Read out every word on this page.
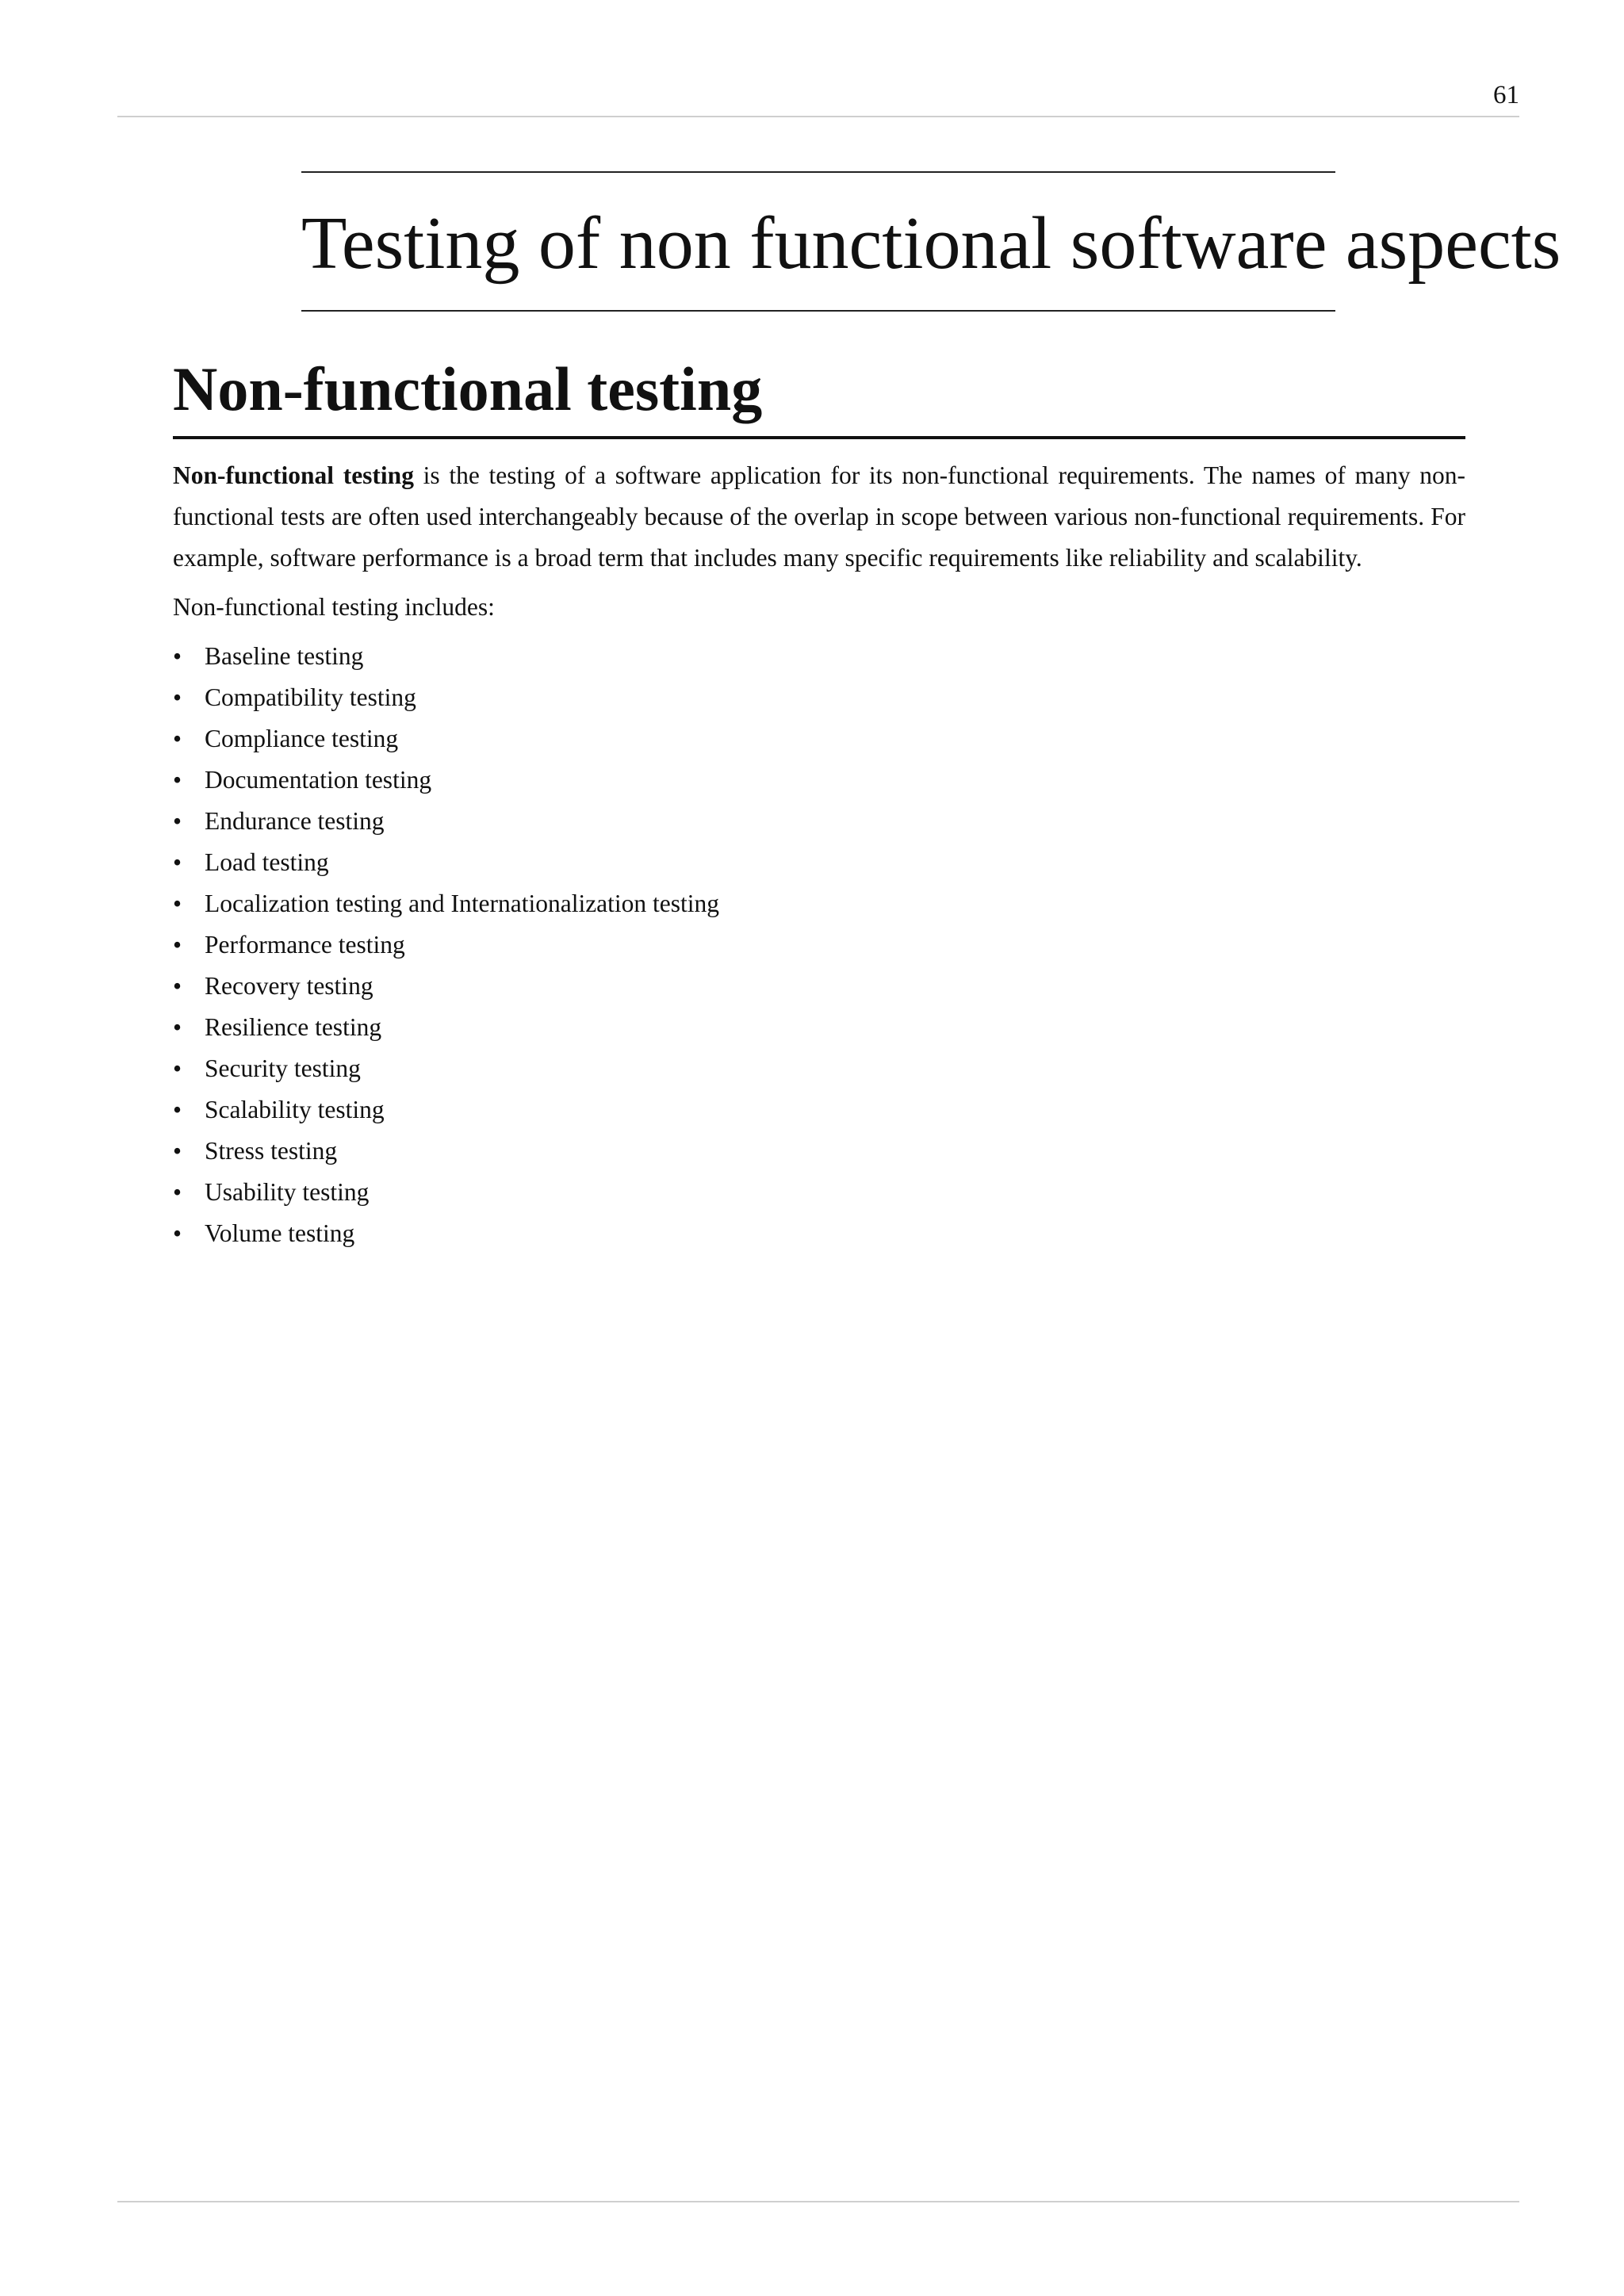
61
Testing of non functional software aspects
Non-functional testing

Non-functional testing is the testing of a software application for its non-functional requirements. The names of many non-functional tests are often used interchangeably because of the overlap in scope between various non-functional requirements. For example, software performance is a broad term that includes many specific requirements like reliability and scalability.

Non-functional testing includes:

• Baseline testing
• Compatibility testing
• Compliance testing
• Documentation testing
• Endurance testing
• Load testing
• Localization testing and Internationalization testing
• Performance testing
• Recovery testing
• Resilience testing
• Security testing
• Scalability testing
• Stress testing
• Usability testing
• Volume testing
